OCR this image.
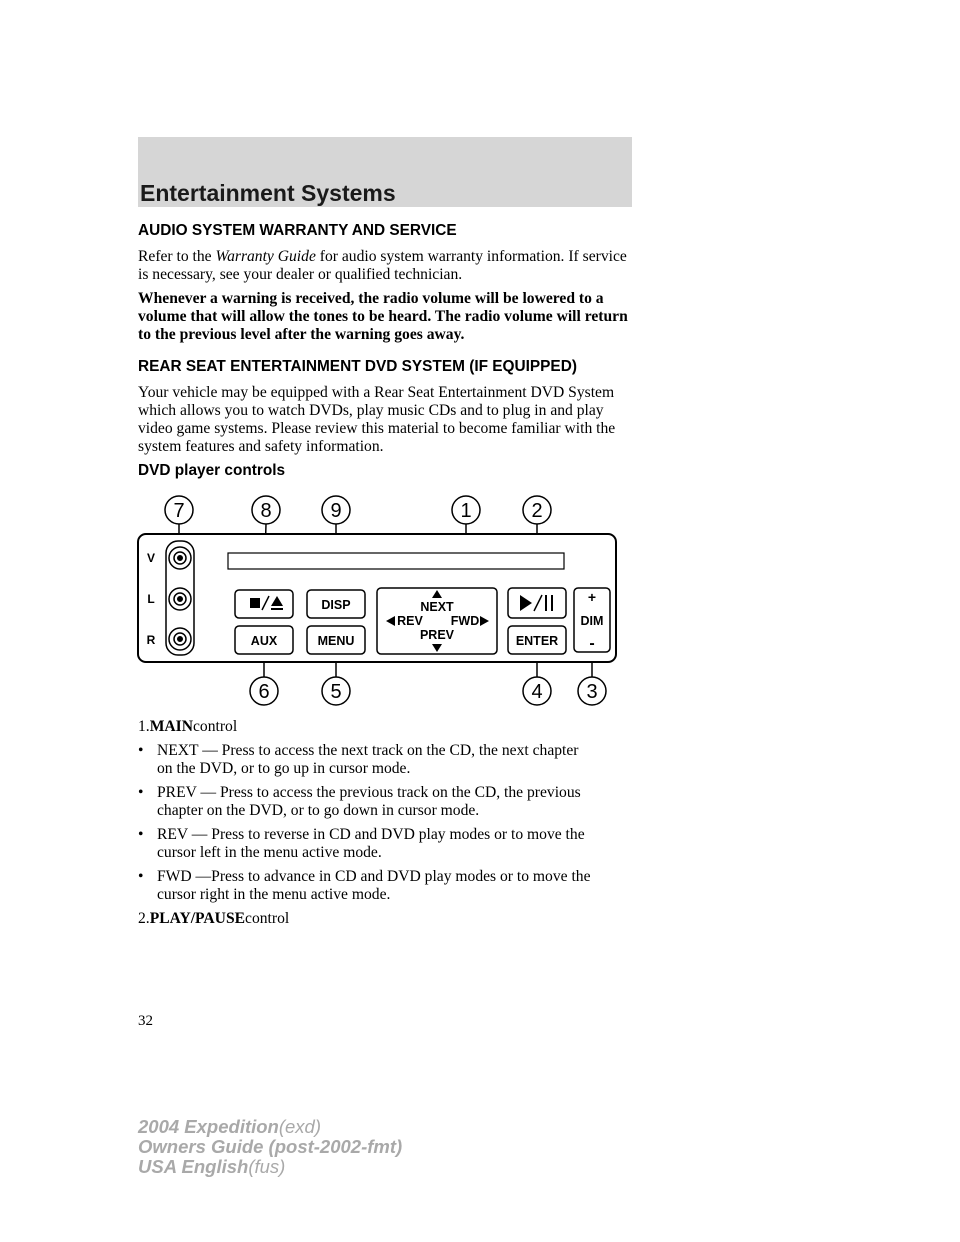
Entertainment Systems
AUDIO SYSTEM WARRANTY AND SERVICE

Refer to the Warranty Guide for audio system warranty information. If service is necessary, see your dealer or qualified technician.

Whenever a warning is received, the radio volume will be lowered to a volume that will allow the tones to be heard. The radio volume will return to the previous level after the warning goes away.

REAR SEAT ENTERTAINMENT DVD SYSTEM (IF EQUIPPED)

Your vehicle may be equipped with a Rear Seat Entertainment DVD System which allows you to watch DVDs, play music CDs and to plug in and play video game systems. Please review this material to become familiar with the system features and safety information.

DVD player controls
7	8	9	1	2
6	5	4 3
V
L
R
DISP
AUX	MENU	ENTER
NEXT
PREV
REV FWD	DIM
+
-

1.MAINcontrol

• NEXT — Press to access the next track on the CD, the next chapter
on the DVD, or to go up in cursor mode.
• PREV — Press to access the previous track on the CD, the previous
chapter on the DVD, or to go down in cursor mode.
• REV — Press to reverse in CD and DVD play modes or to move the
cursor left in the menu active mode.
• FWD —Press to advance in CD and DVD play modes or to move the
cursor right in the menu active mode.

2.PLAY/PAUSEcontrol

32
2004 Expedition(exd)
Owners Guide (post-2002-fmt)
USA English(fus)
